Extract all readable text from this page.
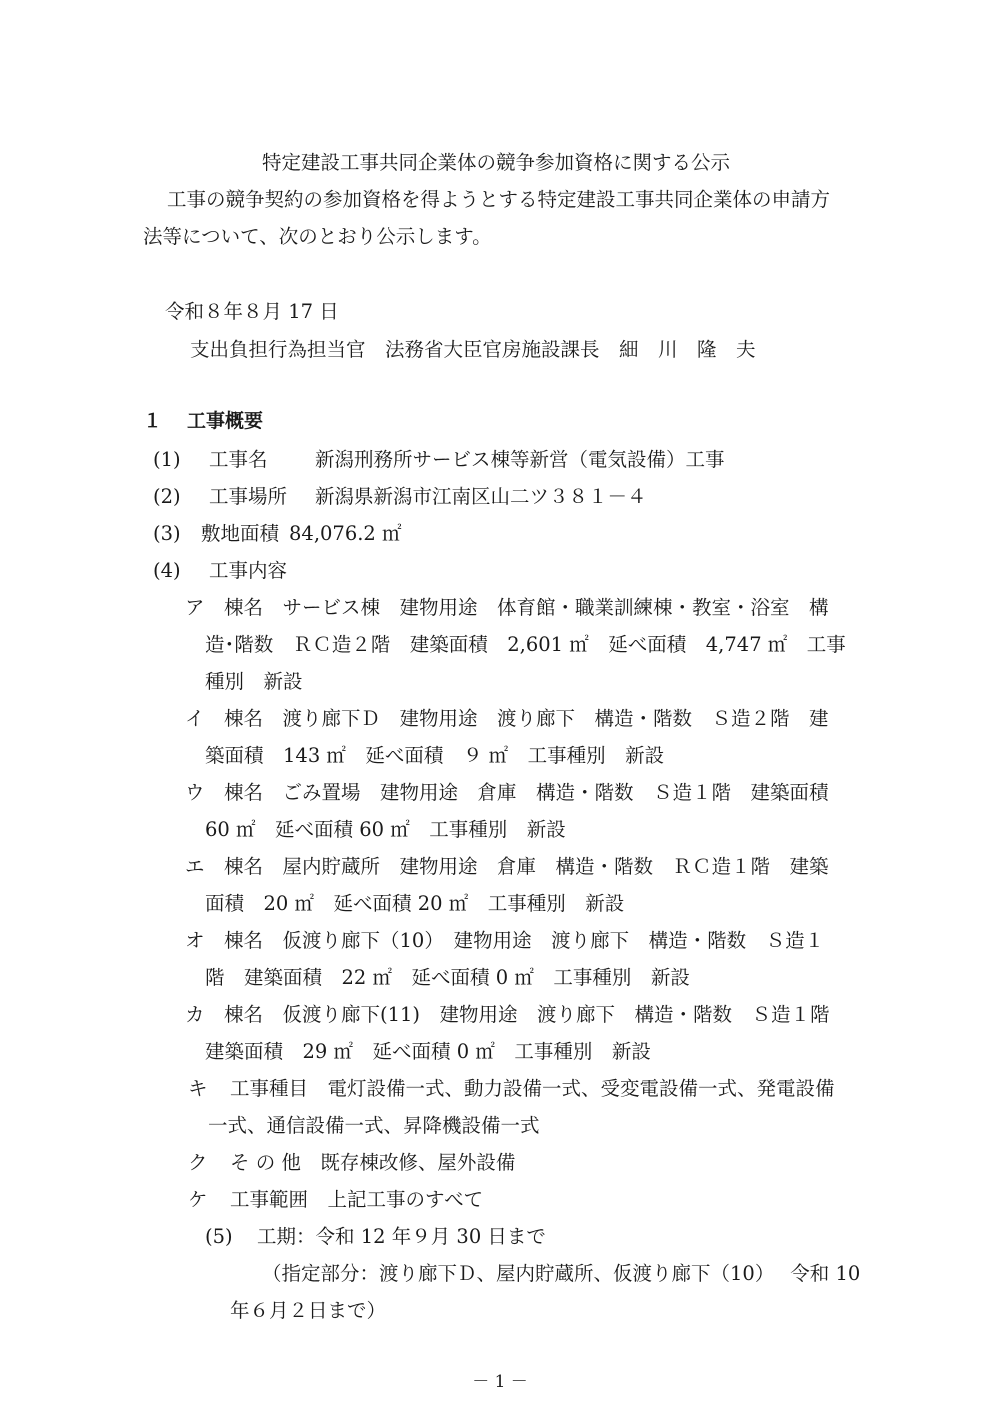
特定建設工事共同企業体の競争参加資格に関する公示
工事の競争契約の参加資格を得ようとする特定建設工事共同企業体の申請方
法等について、次のとおり公示します。
令和８年８月 17 日
支出負担行為担当官　法務省大臣官房施設課長　細　川　隆　夫
１ 工事概要
(1) 工事名 新潟刑務所サービス棟等新営（電気設備）工事
(2) 工事場所 新潟県新潟市江南区山二ツ３８１－４
(3) 敷地面積 84,076.2 ㎡
(4) 工事内容
ア　棟名　サービス棟　建物用途　体育館・職業訓練棟・教室・浴室　構
造･階数　ＲＣ造２階　建築面積　2,601 ㎡　延べ面積　4,747 ㎡　工事
種別　新設
イ　棟名　渡り廊下Ｄ　建物用途　渡り廊下　構造・階数　Ｓ造２階　建
築面積　143 ㎡　延べ面積　９ ㎡　工事種別　新設
ウ　棟名　ごみ置場　建物用途　倉庫　構造・階数　Ｓ造１階　建築面積
60 ㎡　延べ面積 60 ㎡　工事種別　新設
エ　棟名　屋内貯蔵所　建物用途　倉庫　構造・階数　ＲＣ造１階　建築
面積　20 ㎡　延べ面積 20 ㎡　工事種別　新設
オ　棟名　仮渡り廊下（10）　建物用途　渡り廊下　構造・階数　Ｓ造１
階　建築面積　22 ㎡　延べ面積 0 ㎡　工事種別　新設
カ　棟名　仮渡り廊下(11)　建物用途　渡り廊下　構造・階数　Ｓ造１階
建築面積　29 ㎡　延べ面積 0 ㎡　工事種別　新設
キ 工事種目　電灯設備一式、動力設備一式、受変電設備一式、発電設備
一式、通信設備一式、昇降機設備一式
ク そ の 他　既存棟改修、屋外設備
ケ 工事範囲　上記工事のすべて
(5) 工期：令和 12 年９月 30 日まで
（指定部分：渡り廊下Ｄ、屋内貯蔵所、仮渡り廊下（10）　 令和 10
年６月２日まで）
－ 1 －
